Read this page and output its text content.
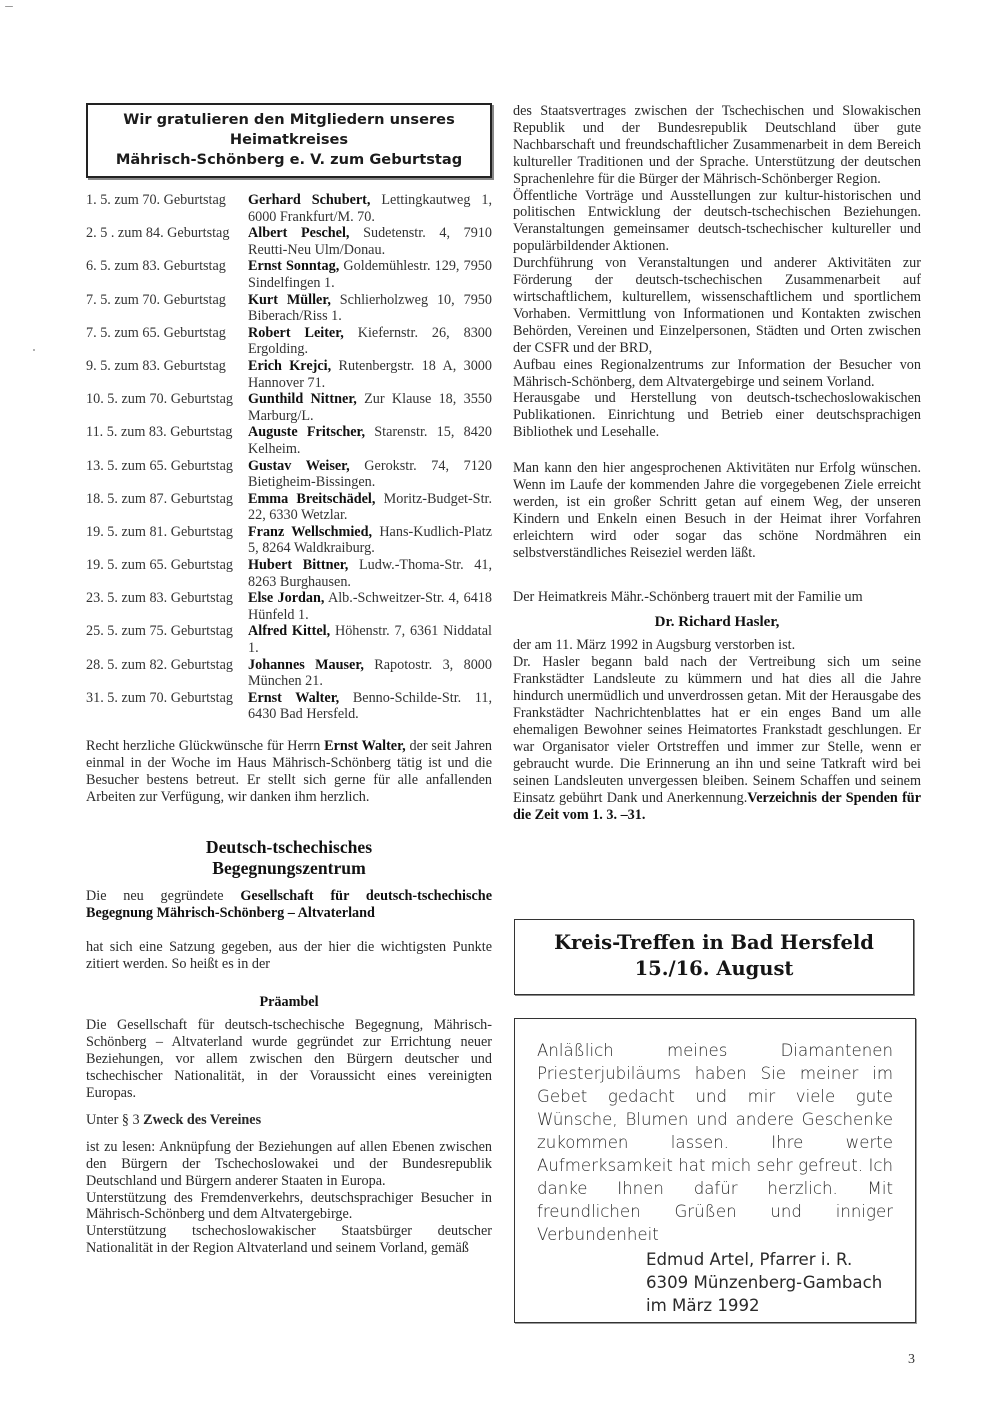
Wir gratulieren den Mitgliedern unseres Heimatkreises
Mährisch-Schönberg e. V. zum Geburtstag
1. 5. zum 70. Geburtstag	Gerhard Schubert, Lettingkautweg 1, 6000 Frankfurt/M. 70.
2. 5 . zum 84. Geburtstag	Albert Peschel, Sudetenstr. 4, 7910 Reutti-Neu Ulm/Donau.
6. 5. zum 83. Geburtstag	Ernst Sonntag, Goldemühlestr. 129, 7950 Sindelfingen 1.
7. 5. zum 70. Geburtstag	Kurt Müller, Schlierholzweg 10, 7950 Biberach/Riss 1.
7. 5. zum 65. Geburtstag	Robert Leiter, Kiefernstr. 26, 8300 Ergolding.
9. 5. zum 83. Geburtstag	Erich Krejci, Rutenbergstr. 18 A, 3000 Hannover 71.
10. 5. zum 70. Geburtstag	Gunthild Nittner, Zur Klause 18, 3550 Marburg/L.
11. 5. zum 83. Geburtstag	Auguste Fritscher, Starenstr. 15, 8420 Kelheim.
13. 5. zum 65. Geburtstag	Gustav Weiser, Gerokstr. 74, 7120 Bietigheim-Bissingen.
18. 5. zum 87. Geburtstag	Emma Breitschädel, Moritz-Budget-Str. 22, 6330 Wetzlar.
19. 5. zum 81. Geburtstag	Franz Wellschmied, Hans-Kudlich-Platz 5, 8264 Waldkraiburg.
19. 5. zum 65. Geburtstag	Hubert Bittner, Ludw.-Thoma-Str. 41, 8263 Burghausen.
23. 5. zum 83. Geburtstag	Else Jordan, Alb.-Schweitzer-Str. 4, 6418 Hünfeld 1.
25. 5. zum 75. Geburtstag	Alfred Kittel, Höhenstr. 7, 6361 Niddatal 1.
28. 5. zum 82. Geburtstag	Johannes Mauser, Rapotostr. 3, 8000 München 21.
31. 5. zum 70. Geburtstag	Ernst Walter, Benno-Schilde-Str. 11, 6430 Bad Hersfeld.

Recht herzliche Glückwünsche für Herrn Ernst Walter, der seit Jahren einmal in der Woche im Haus Mährisch-Schönberg tätig ist und die Besucher bestens betreut. Er stellt sich gerne für alle anfallenden Arbeiten zur Verfügung, wir danken ihm herzlich.

Deutsch-tschechisches
Begegnungszentrum

Die neu gegründete Gesellschaft für deutsch-tschechische Begegnung Mährisch-Schönberg – Altvaterland

hat sich eine Satzung gegeben, aus der hier die wichtigsten Punkte zitiert werden. So heißt es in der

Präambel

Die Gesellschaft für deutsch-tschechische Begegnung, Mährisch-Schönberg – Altvaterland wurde gegründet zur Errichtung neuer Beziehungen, vor allem zwischen den Bürgern deutscher und tschechischer Nationalität, in der Voraussicht eines vereinigten Europas.

Unter § 3 Zweck des Vereines

ist zu lesen: Anknüpfung der Beziehungen auf allen Ebenen zwischen den Bürgern der Tschechoslowakei und der Bundesrepublik Deutschland und Bürgern anderer Staaten in Europa.

Unterstützung des Fremdenverkehrs, deutschsprachiger Besucher in Mährisch-Schönberg und dem Altvatergebirge.

Unterstützung tschechoslowakischer Staatsbürger deutscher Nationalität in der Region Altvaterland und seinem Vorland, gemäß

des Staatsvertrages zwischen der Tschechischen und Slowakischen Republik und der Bundesrepublik Deutschland über gute Nachbarschaft und freundschaftlicher Zusammenarbeit in dem Bereich kultureller Traditionen und der Sprache. Unterstützung der deutschen Sprachenlehre für die Bürger der Mährisch-Schönberger Region.

Öffentliche Vorträge und Ausstellungen zur kultur-historischen und politischen Entwicklung der deutsch-tschechischen Beziehungen. Veranstaltungen gemeinsamer deutsch-tschechischer kultureller und populärbildender Aktionen.

Durchführung von Veranstaltungen und anderer Aktivitäten zur Förderung der deutsch-tschechischen Zusammenarbeit auf wirtschaftlichem, kulturellem, wissenschaftlichem und sportlichem Vorhaben. Vermittlung von Informationen und Kontakten zwischen Behörden, Vereinen und Einzelpersonen, Städten und Orten zwischen der CSFR und der BRD,

Aufbau eines Regionalzentrums zur Information der Besucher von Mährisch-Schönberg, dem Altvatergebirge und seinem Vorland.

Herausgabe und Herstellung von deutsch-tschechoslowakischen Publikationen. Einrichtung und Betrieb einer deutschsprachigen Bibliothek und Lesehalle.

Man kann den hier angesprochenen Aktivitäten nur Erfolg wünschen. Wenn im Laufe der kommenden Jahre die vorgegebenen Ziele erreicht werden, ist ein großer Schritt getan auf einem Weg, der unseren Kindern und Enkeln einen Besuch in der Heimat ihrer Vorfahren erleichtern wird oder sogar das schöne Nordmähren ein selbstverständliches Reiseziel werden läßt.

Der Heimatkreis Mähr.-Schönberg trauert mit der Familie um

Dr. Richard Hasler,

der am 11. März 1992 in Augsburg verstorben ist.

Dr. Hasler begann bald nach der Vertreibung sich um seine Frankstädter Landsleute zu kümmern und hat dies all die Jahre hindurch unermüdlich und unverdrossen getan. Mit der Herausgabe des Frankstädter Nachrichtenblattes hat er ein enges Band um alle ehemaligen Bewohner seines Heimatortes Frankstadt geschlungen. Er war Organisator vieler Ortstreffen und immer zur Stelle, wenn er gebraucht wurde. Die Erinnerung an ihn und seine Tatkraft wird bei seinen Landsleuten unvergessen bleiben. Seinem Schaffen und seinem Einsatz gebührt Dank und Anerkennung.Verzeichnis der Spenden für die Zeit vom 1. 3. –31.

Kreis-Treffen in Bad Hersfeld
15./16. August
Anläßlich meines Diamantenen Priesterjubiläums haben Sie meiner im Gebet gedacht und mir viele gute Wünsche, Blumen und andere Geschenke zukommen lassen. Ihre werte Aufmerksamkeit hat mich sehr gefreut. Ich danke Ihnen dafür herzlich. Mit freundlichen Grüßen und inniger Verbundenheit
Edmud Artel, Pfarrer i. R.
6309 Münzenberg-Gambach
im März 1992
3
